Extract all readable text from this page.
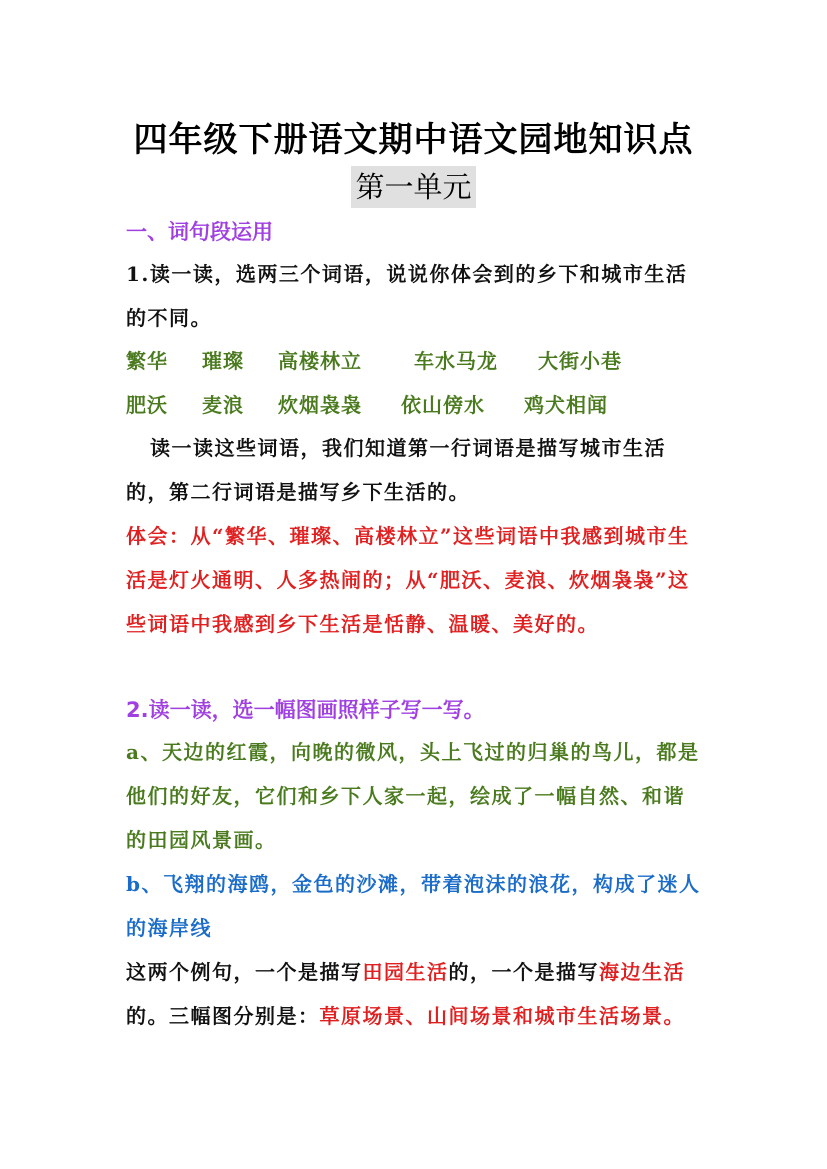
四年级下册语文期中语文园地知识点
第一单元

一、词句段运用

1.读一读，选两三个词语，说说你体会到的乡下和城市生活的不同。

繁华 璀璨 高楼林立	车水马龙 大街小巷
肥沃 麦浪 炊烟袅袅 依山傍水 鸡犬相闻

读一读这些词语，我们知道第一行词语是描写城市生活的，第二行词语是描写乡下生活的。

体会：从“繁华、璀璨、高楼林立”这些词语中我感到城市生活是灯火通明、人多热闹的；从“肥沃、麦浪、炊烟袅袅”这些词语中我感到乡下生活是恬静、温暖、美好的。

2.读一读，选一幅图画照样子写一写。

a、天边的红霞，向晚的微风，头上飞过的归巢的鸟儿，都是他们的好友，它们和乡下人家一起，绘成了一幅自然、和谐的田园风景画。

b、飞翔的海鸥，金色的沙滩，带着泡沫的浪花，构成了迷人的海岸线

这两个例句，一个是描写田园生活的，一个是描写海边生活的。三幅图分别是：草原场景、山间场景和城市生活场景。
